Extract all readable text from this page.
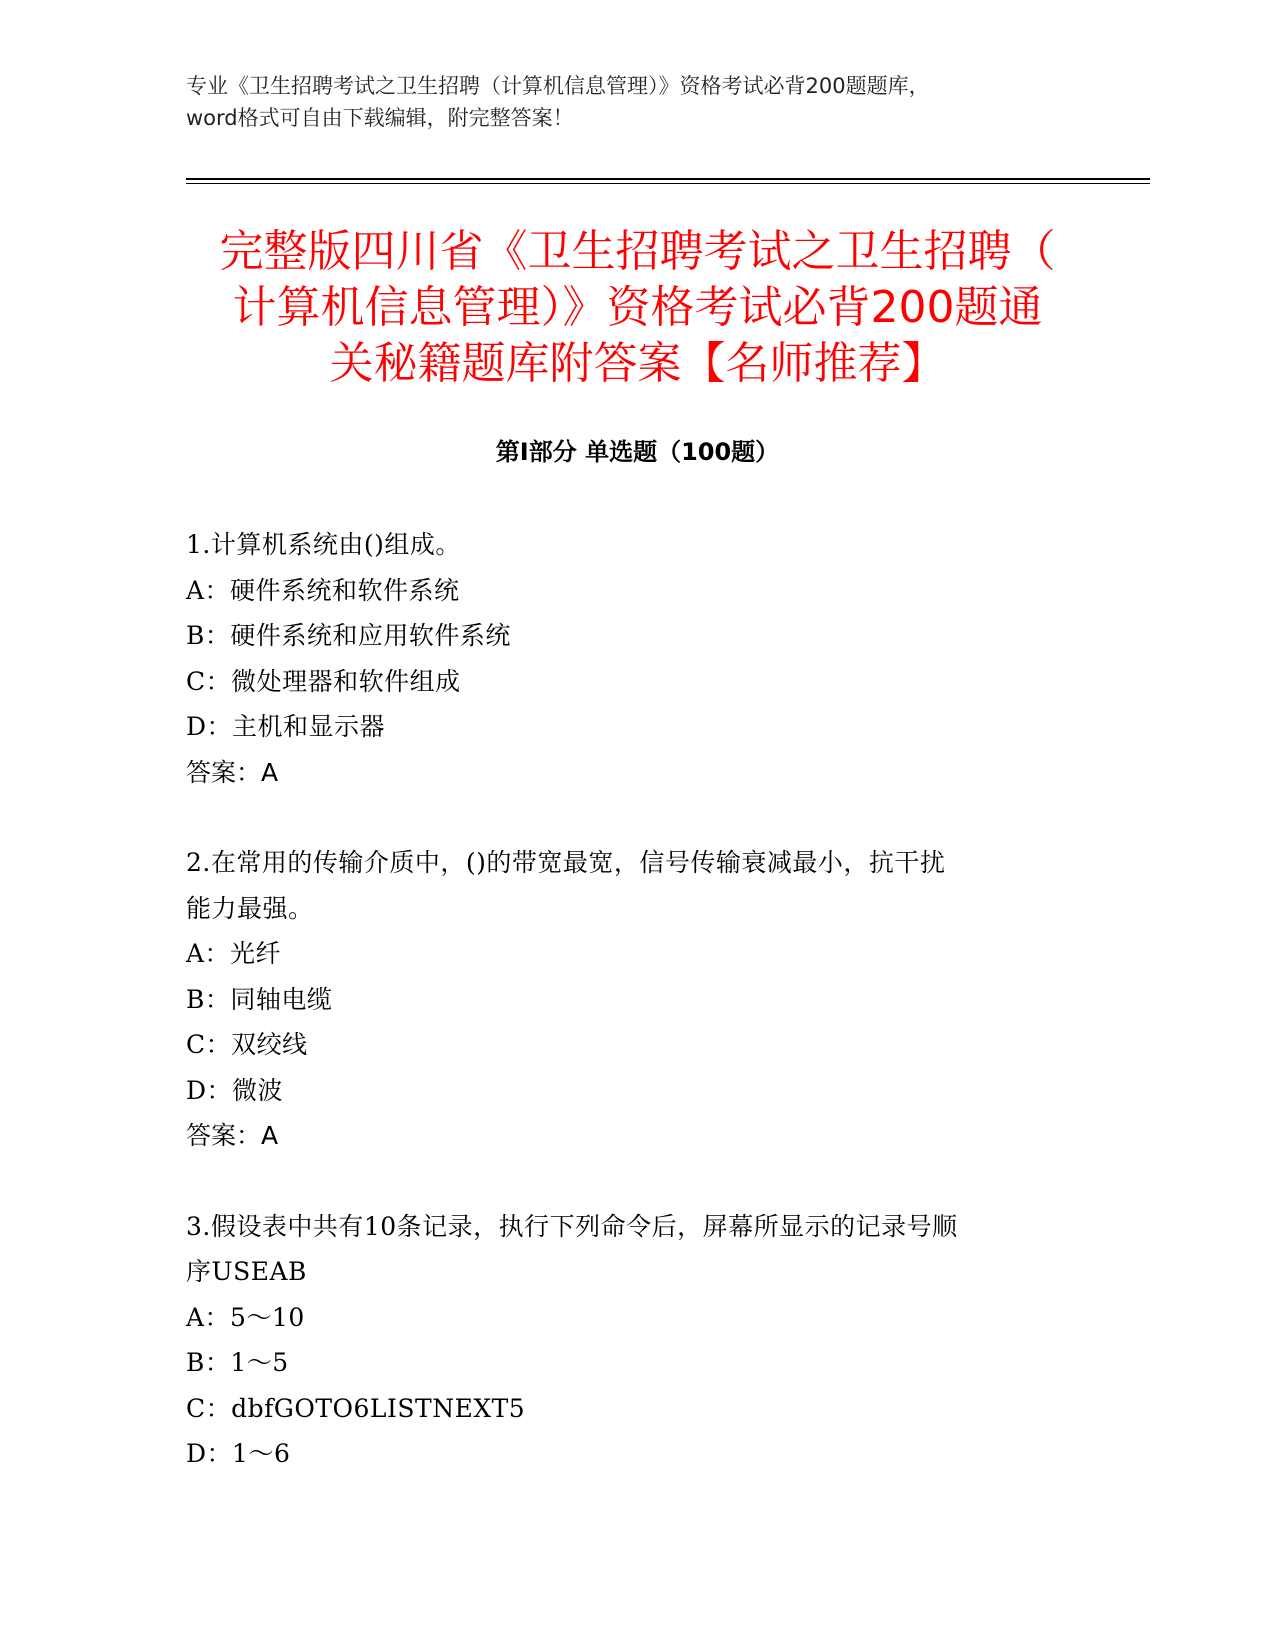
专业《卫生招聘考试之卫生招聘（计算机信息管理）》资格考试必背200题题库，
word格式可自由下载编辑，附完整答案！
完整版四川省《卫生招聘考试之卫生招聘（
计算机信息管理）》资格考试必背200题通
关秘籍题库附答案【名师推荐】
第Ⅰ部分 单选题（100题）
1.计算机系统由()组成。
A：硬件系统和软件系统
B：硬件系统和应用软件系统
C：微处理器和软件组成
D：主机和显示器
答案：A
2.在常用的传输介质中，()的带宽最宽，信号传输衰减最小，抗干扰
能力最强。
A：光纤
B：同轴电缆
C：双绞线
D：微波
答案：A
3.假设表中共有10条记录，执行下列命令后，屏幕所显示的记录号顺
序USEAB
A：5～10
B：1～5
C：dbfGOTO6LISTNEXT5
D：1～6
